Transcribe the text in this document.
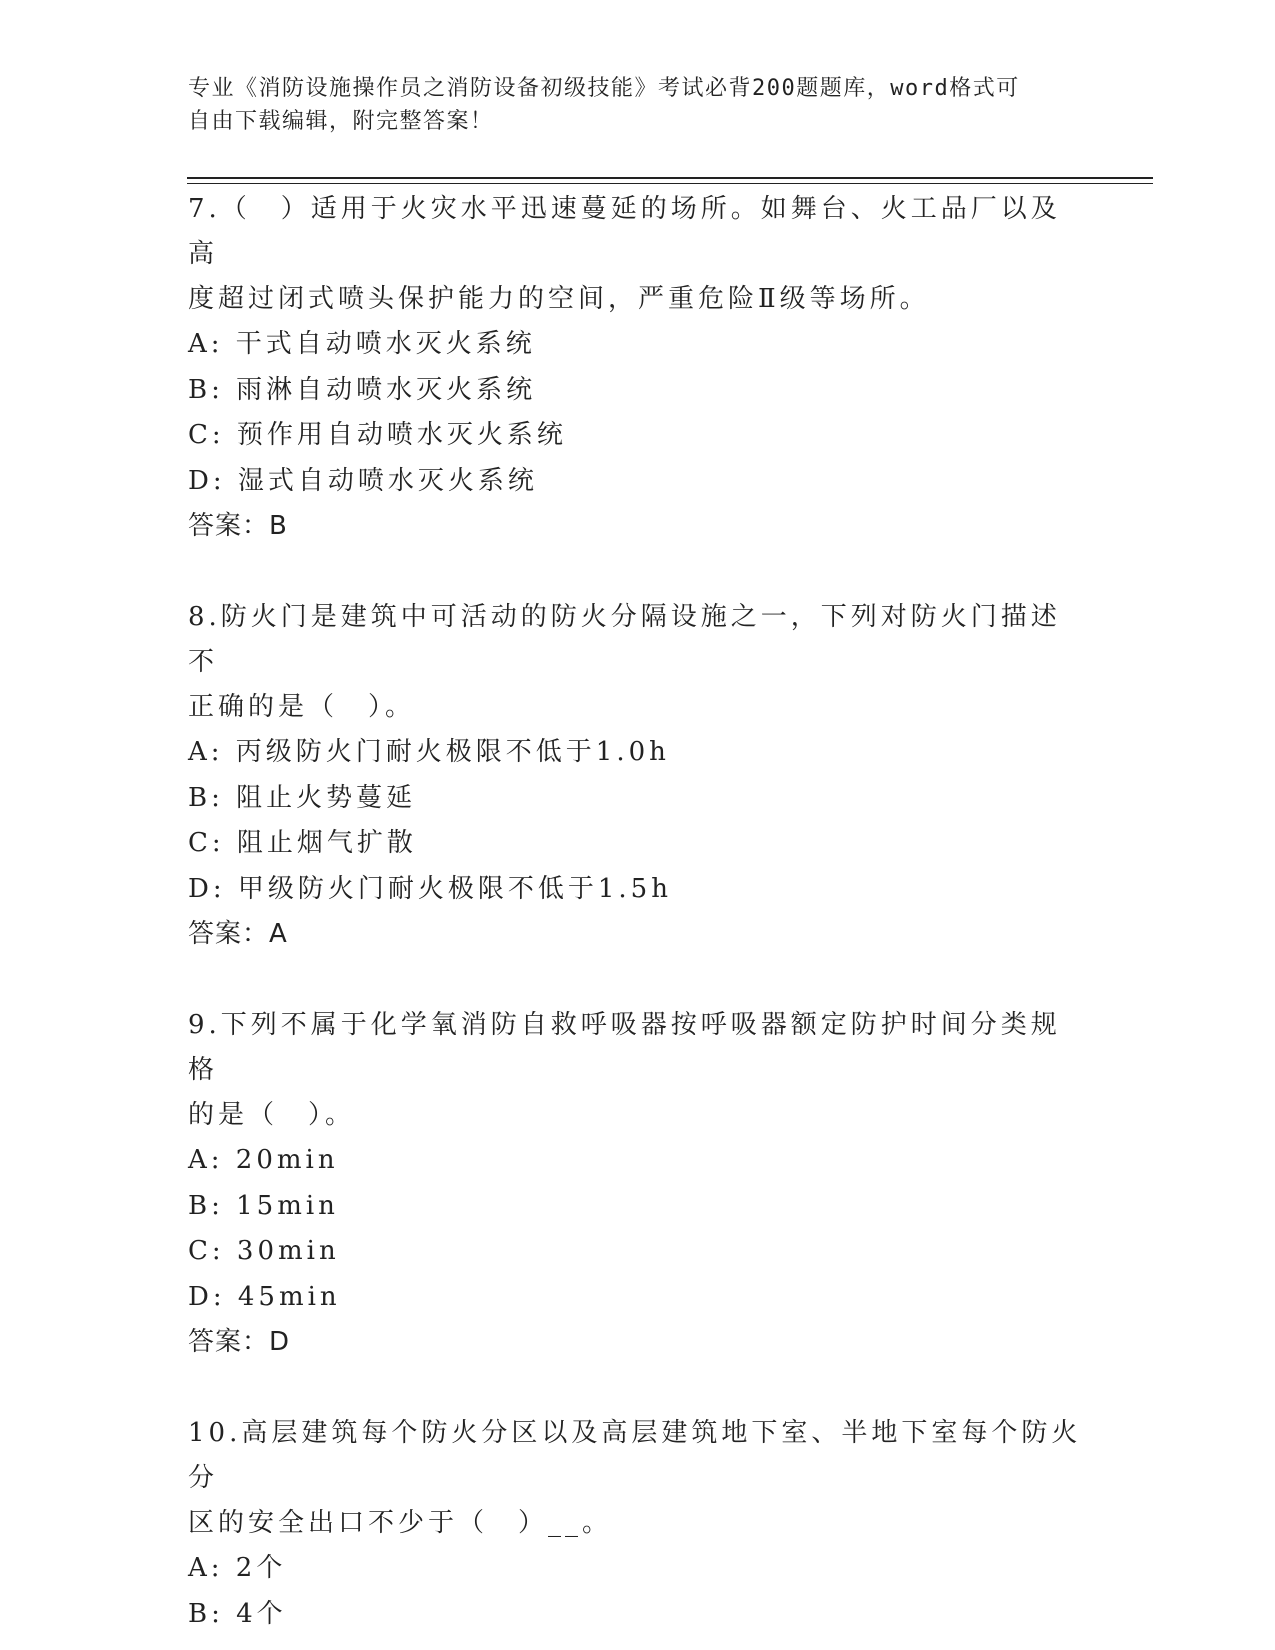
专业《消防设施操作员之消防设备初级技能》考试必背200题题库，word格式可
自由下载编辑，附完整答案！

7.（　）适用于火灾水平迅速蔓延的场所。如舞台、火工品厂以及高

度超过闭式喷头保护能力的空间，严重危险Ⅱ级等场所。

A: 干式自动喷水灭火系统

B: 雨淋自动喷水灭火系统

C: 预作用自动喷水灭火系统

D: 湿式自动喷水灭火系统

答案：B

8.防火门是建筑中可活动的防火分隔设施之一，下列对防火门描述不

正确的是（　）。

A: 丙级防火门耐火极限不低于1.0h

B: 阻止火势蔓延

C: 阻止烟气扩散

D: 甲级防火门耐火极限不低于1.5h

答案：A

9.下列不属于化学氧消防自救呼吸器按呼吸器额定防护时间分类规格

的是（　）。

A: 20min

B: 15min

C: 30min

D: 45min

答案：D

10.高层建筑每个防火分区以及高层建筑地下室、半地下室每个防火分

区的安全出口不少于（　）__。

A: 2个

B: 4个
